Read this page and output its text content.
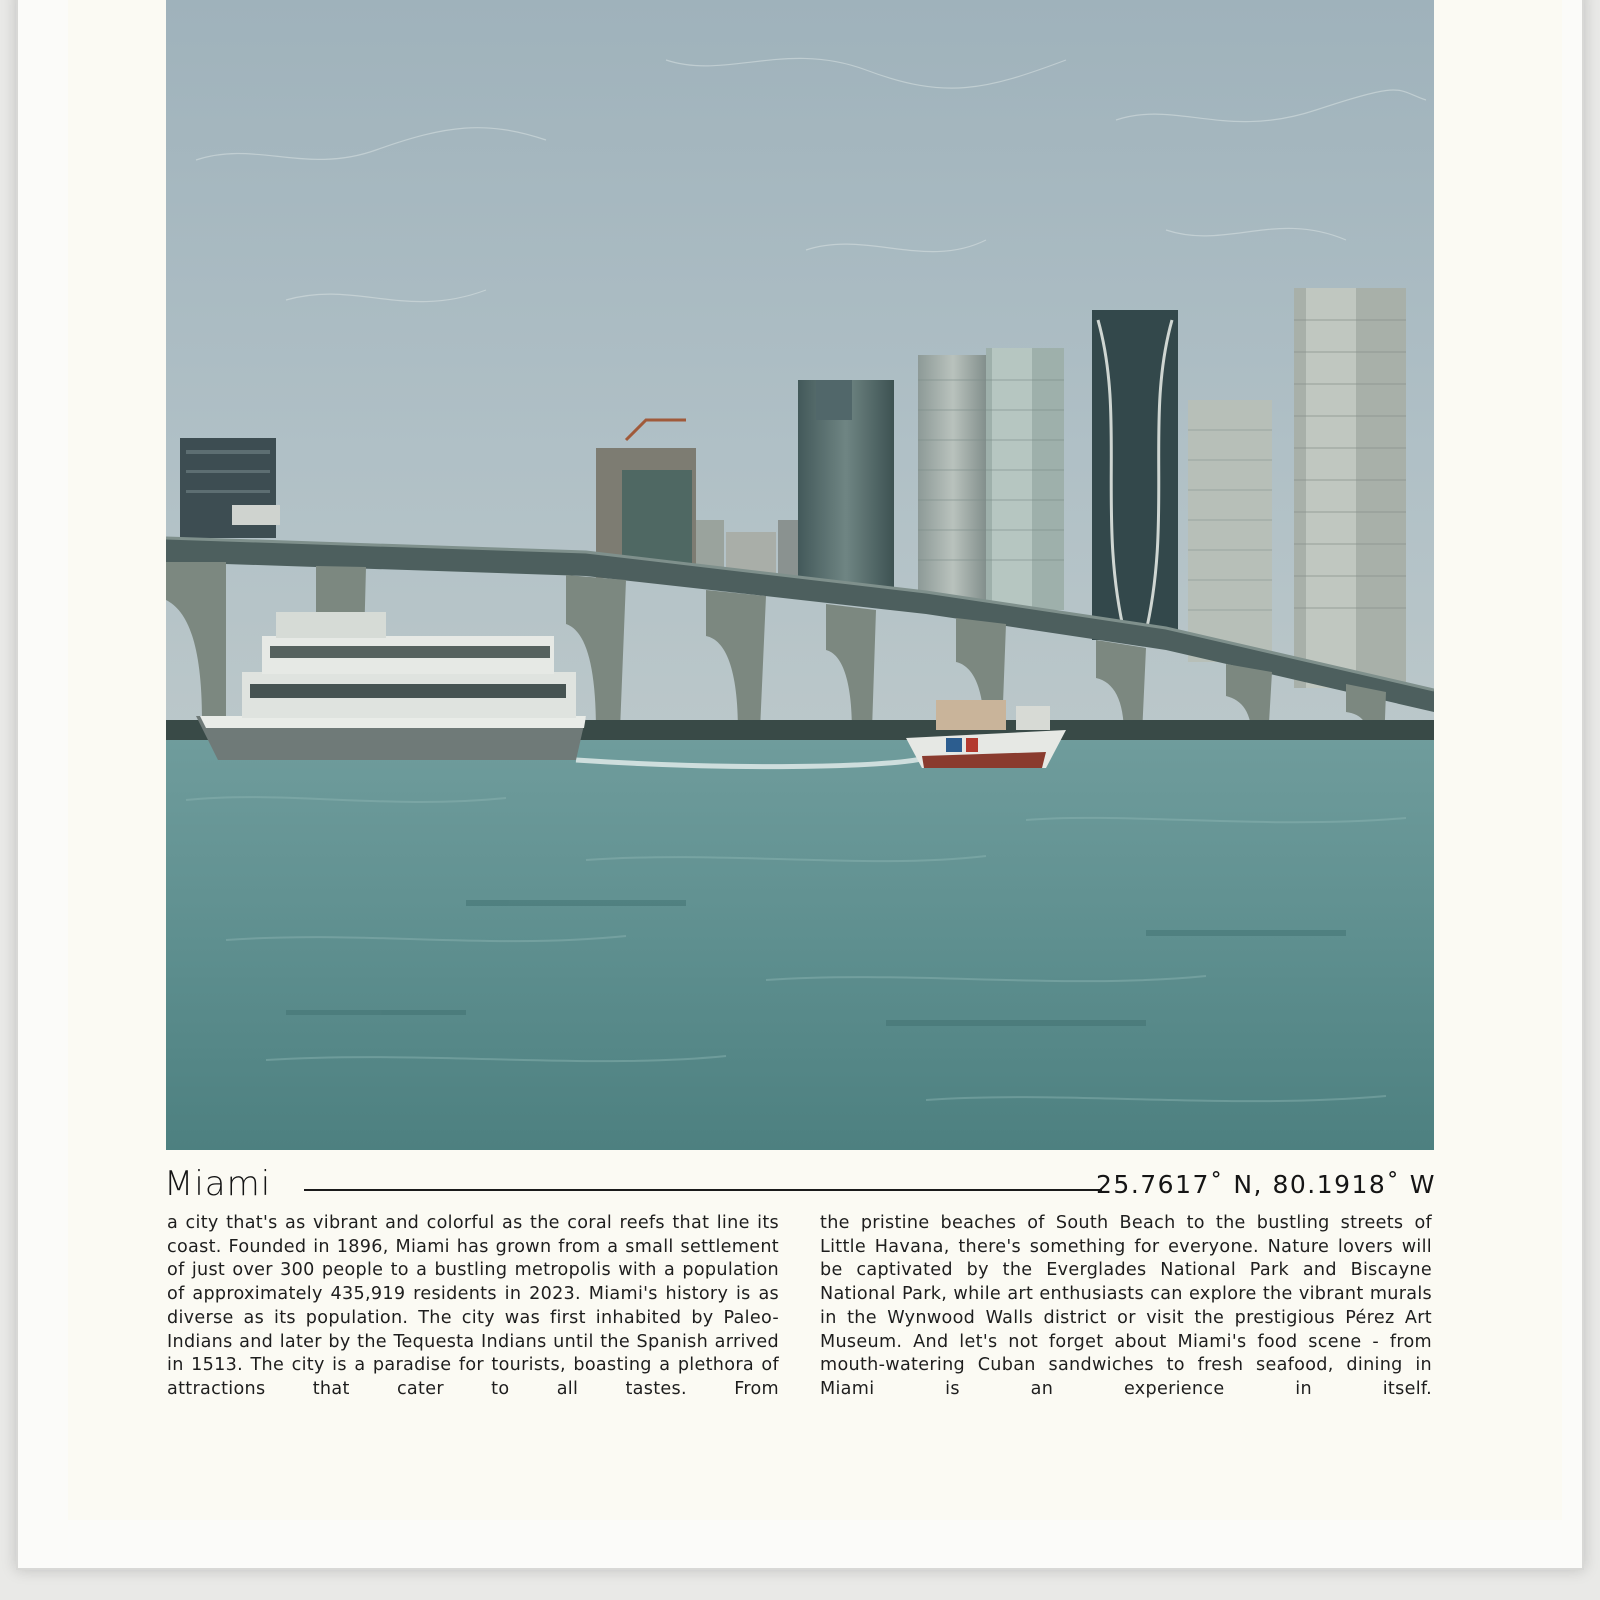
Miami	25.7617˚ N, 80.1918˚ W
a city that's as vibrant and colorful as the coral reefs that line its coast. Founded in 1896, Miami has grown from a small settlement of just over 300 people to a bustling metropolis with a population of approximately 435,919 residents in 2023. Miami's history is as diverse as its population. The city was first inhabited by Paleo-Indians and later by the Tequesta Indians until the Spanish arrived in 1513. The city is a paradise for tourists, boasting a plethora of attractions that cater to all tastes. From
the pristine beaches of South Beach to the bustling streets of Little Havana, there's something for everyone. Nature lovers will be captivated by the Everglades National Park and Biscayne National Park, while art enthusiasts can explore the vibrant murals in the Wynwood Walls district or visit the prestigious Pérez Art Museum. And let's not forget about Miami's food scene - from mouth-watering Cuban sandwiches to fresh seafood, dining in Miami is an experience in itself.
